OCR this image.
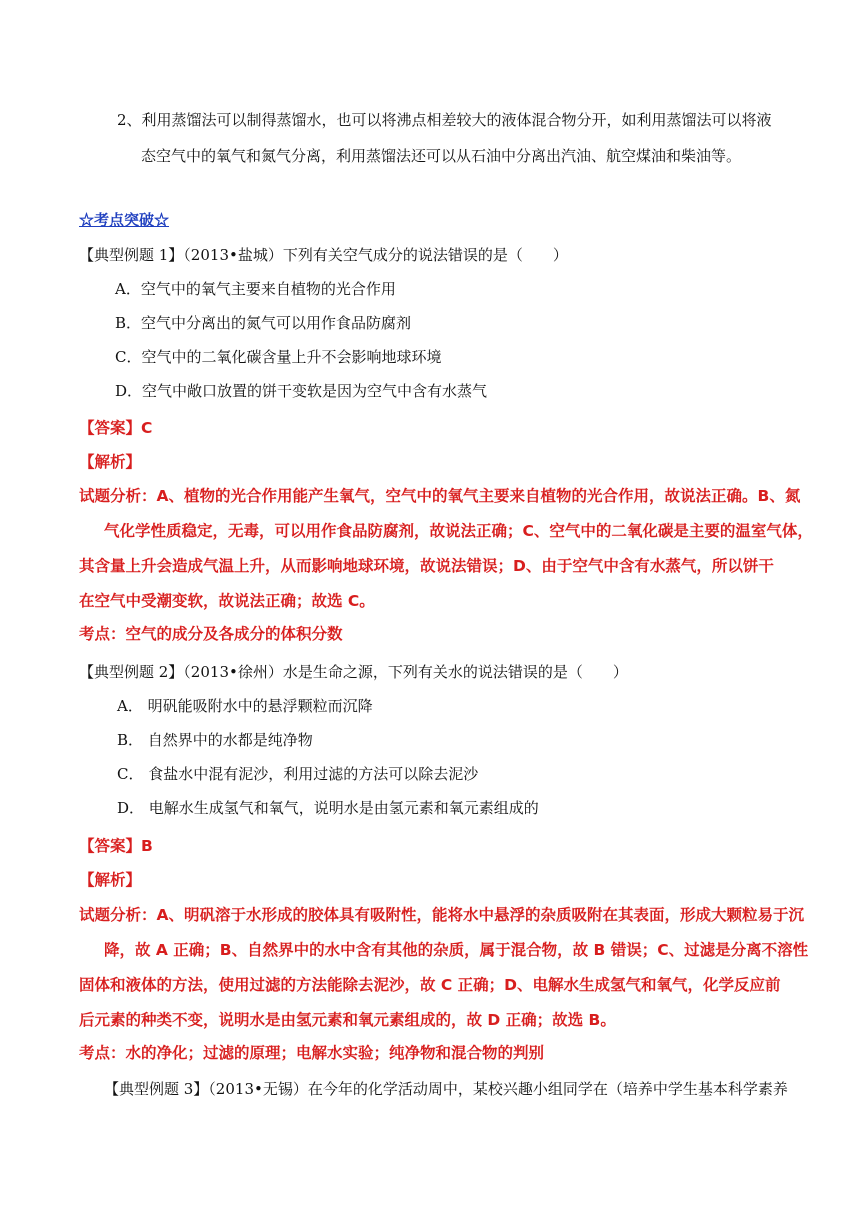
2、利用蒸馏法可以制得蒸馏水，也可以将沸点相差较大的液体混合物分开，如利用蒸馏法可以将液
态空气中的氧气和氮气分离，利用蒸馏法还可以从石油中分离出汽油、航空煤油和柴油等。
☆考点突破☆
【典型例题 1】（2013•盐城）下列有关空气成分的说法错误的是（　　）
A．空气中的氧气主要来自植物的光合作用
B．空气中分离出的氮气可以用作食品防腐剂
C．空气中的二氧化碳含量上升不会影响地球环境
D．空气中敞口放置的饼干变软是因为空气中含有水蒸气
【答案】C
【解析】
试题分析：A、植物的光合作用能产生氧气，空气中的氧气主要来自植物的光合作用，故说法正确。B、氮
气化学性质稳定，无毒，可以用作食品防腐剂，故说法正确；C、空气中的二氧化碳是主要的温室气体，
其含量上升会造成气温上升，从而影响地球环境，故说法错误；D、由于空气中含有水蒸气，所以饼干
在空气中受潮变软，故说法正确；故选 C。
考点：空气的成分及各成分的体积分数
【典型例题 2】（2013•徐州）水是生命之源，下列有关水的说法错误的是（　　）
A． 明矾能吸附水中的悬浮颗粒而沉降
B． 自然界中的水都是纯净物
C． 食盐水中混有泥沙，利用过滤的方法可以除去泥沙
D． 电解水生成氢气和氧气，说明水是由氢元素和氧元素组成的
【答案】B
【解析】
试题分析：A、明矾溶于水形成的胶体具有吸附性，能将水中悬浮的杂质吸附在其表面，形成大颗粒易于沉
降，故 A 正确；B、自然界中的水中含有其他的杂质，属于混合物，故 B 错误；C、过滤是分离不溶性
固体和液体的方法，使用过滤的方法能除去泥沙，故 C 正确；D、电解水生成氢气和氧气，化学反应前
后元素的种类不变，说明水是由氢元素和氧元素组成的，故 D 正确；故选 B。
考点：水的净化；过滤的原理；电解水实验；纯净物和混合物的判别
【典型例题 3】（2013•无锡）在今年的化学活动周中，某校兴趣小组同学在（培养中学生基本科学素养
